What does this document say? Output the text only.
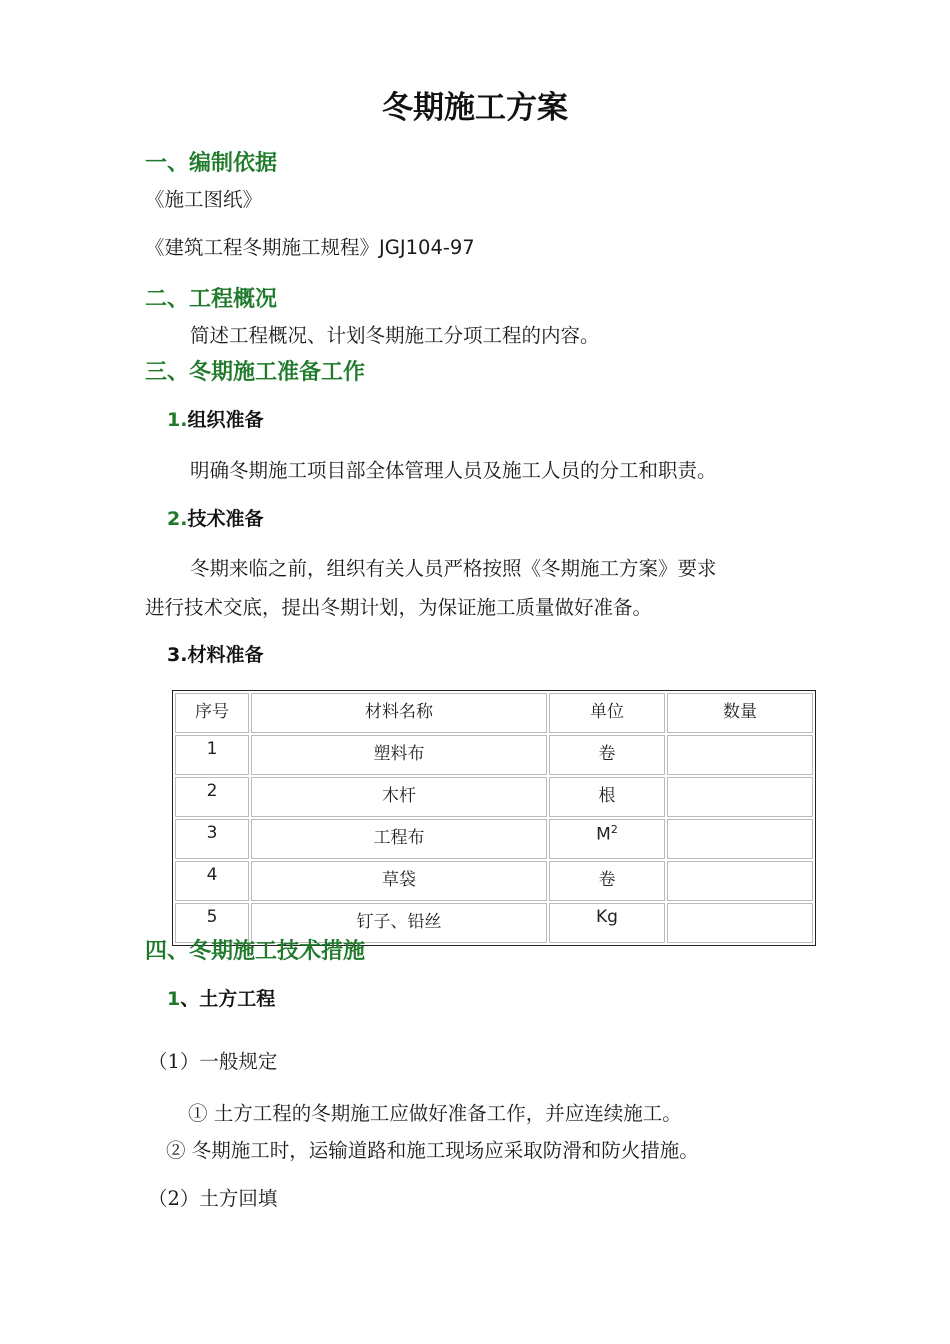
冬期施工方案
一、编制依据
《施工图纸》
《建筑工程冬期施工规程》JGJ104-97
二、工程概况
简述工程概况、计划冬期施工分项工程的内容。
三、冬期施工准备工作
1.组织准备
明确冬期施工项目部全体管理人员及施工人员的分工和职责。
2.技术准备
冬期来临之前，组织有关人员严格按照《冬期施工方案》要求
进行技术交底，提出冬期计划，为保证施工质量做好准备。
3.材料准备
序号	材料名称	单位	数量
1	塑料布	卷	
2	木杆	根	
3	工程布	$M^2$	
4	草袋	卷	
5	钉子、铅丝	Kg	
四、冬期施工技术措施
1、土方工程
（1）一般规定
① 土方工程的冬期施工应做好准备工作，并应连续施工。
② 冬期施工时，运输道路和施工现场应采取防滑和防火措施。
（2）土方回填
